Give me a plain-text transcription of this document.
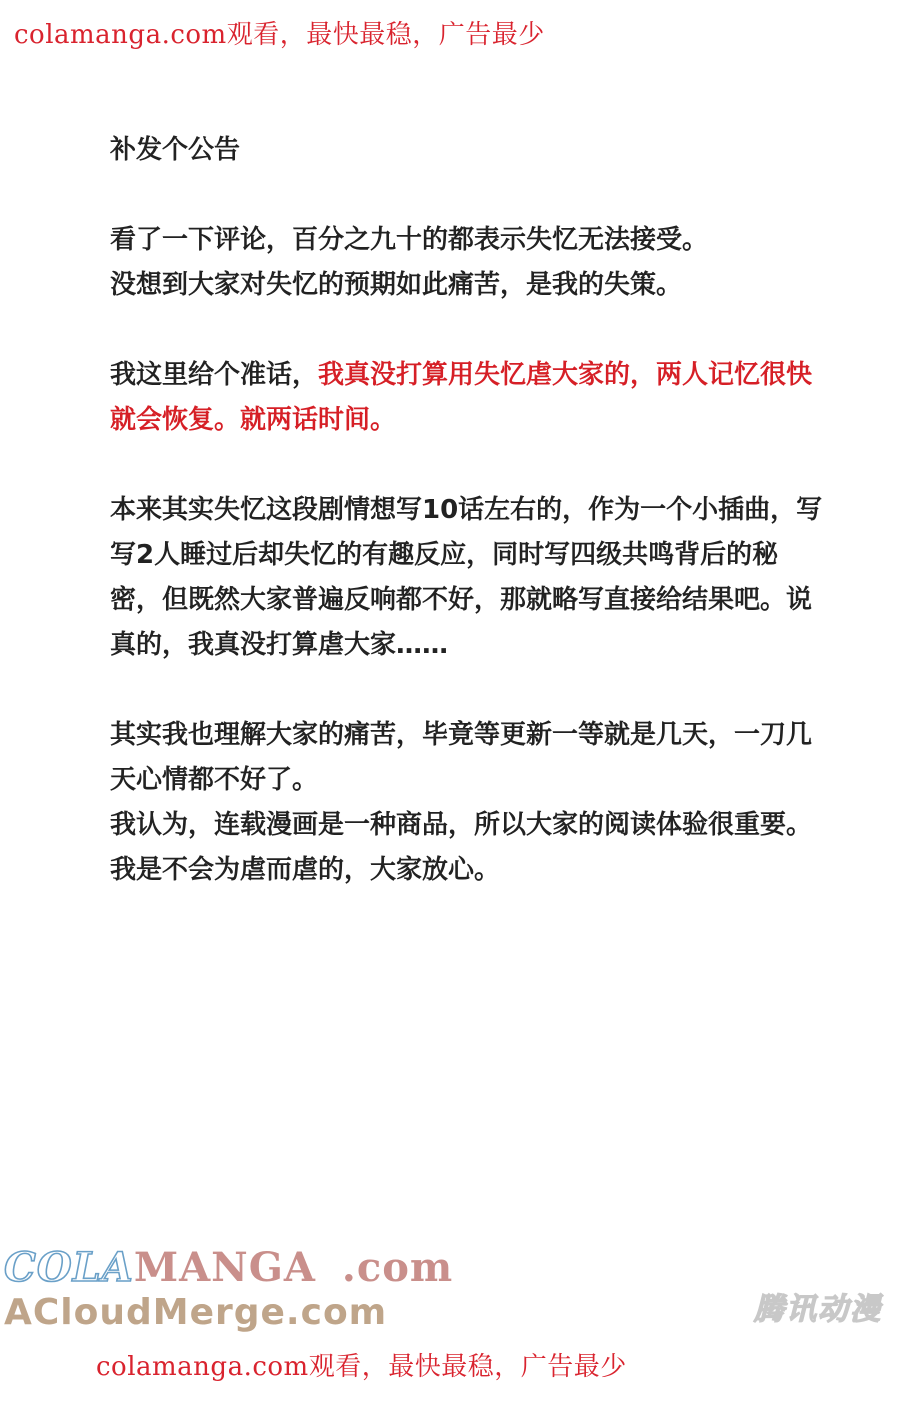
colamanga.com观看，最快最稳，广告最少

补发个公告

看了一下评论，百分之九十的都表示失忆无法接受。
没想到大家对失忆的预期如此痛苦，是我的失策。

我这里给个准话，我真没打算用失忆虐大家的，两人记忆很快就会恢复。就两话时间。

本来其实失忆这段剧情想写10话左右的，作为一个小插曲，写写2人睡过后却失忆的有趣反应，同时写四级共鸣背后的秘密，但既然大家普遍反响都不好，那就略写直接给结果吧。说真的，我真没打算虐大家……

其实我也理解大家的痛苦，毕竟等更新一等就是几天，一刀几天心情都不好了。
我认为，连载漫画是一种商品，所以大家的阅读体验很重要。我是不会为虐而虐的，大家放心。

COLAMANGA .com
ACloudMerge.com	腾讯动漫
colamanga.com观看，最快最稳，广告最少
